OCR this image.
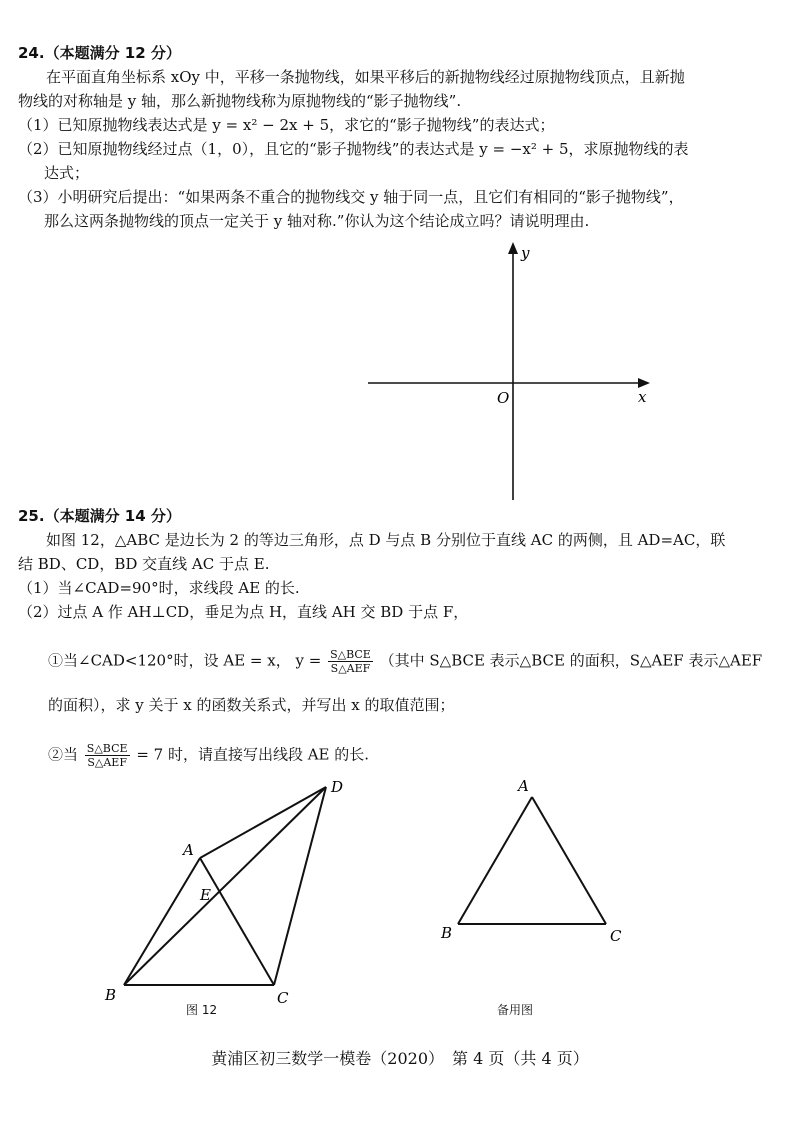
24.（本题满分 12 分）
在平面直角坐标系 xOy 中，平移一条抛物线，如果平移后的新抛物线经过原抛物线顶点，且新抛
物线的对称轴是 y 轴，那么新抛物线称为原抛物线的“影子抛物线”.
（1）已知原抛物线表达式是 y = x² − 2x + 5，求它的“影子抛物线”的表达式；
（2）已知原抛物线经过点（1，0），且它的“影子抛物线”的表达式是 y = −x² + 5，求原抛物线的表
达式；
（3）小明研究后提出：“如果两条不重合的抛物线交 y 轴于同一点，且它们有相同的“影子抛物线”，
那么这两条抛物线的顶点一定关于 y 轴对称.”你认为这个结论成立吗？请说明理由.
y
x
O
25.（本题满分 14 分）
如图 12，△ABC 是边长为 2 的等边三角形，点 D 与点 B 分别位于直线 AC 的两侧，且 AD=AC，联
结 BD、CD，BD 交直线 AC 于点 E.
（1）当∠CAD=90°时，求线段 AE 的长.
（2）过点 A 作 AH⊥CD，垂足为点 H，直线 AH 交 BD 于点 F，
①当∠CAD<120°时，设 AE = x， $y = \frac{\text{S△BCE}}{\text{S△AEF}}$ （其中 S△BCE 表示△BCE 的面积，S△AEF 表示△AEF
的面积），求 y 关于 x 的函数关系式，并写出 x 的取值范围；
②当 $\frac{\text{S△BCE}}{\text{S△AEF}} = 7$ 时，请直接写出线段 AE 的长.
A
B	C
D
E
A
B	C
图 12	备用图
黄浦区初三数学一模卷（2020）　第 4 页（共 4 页）
